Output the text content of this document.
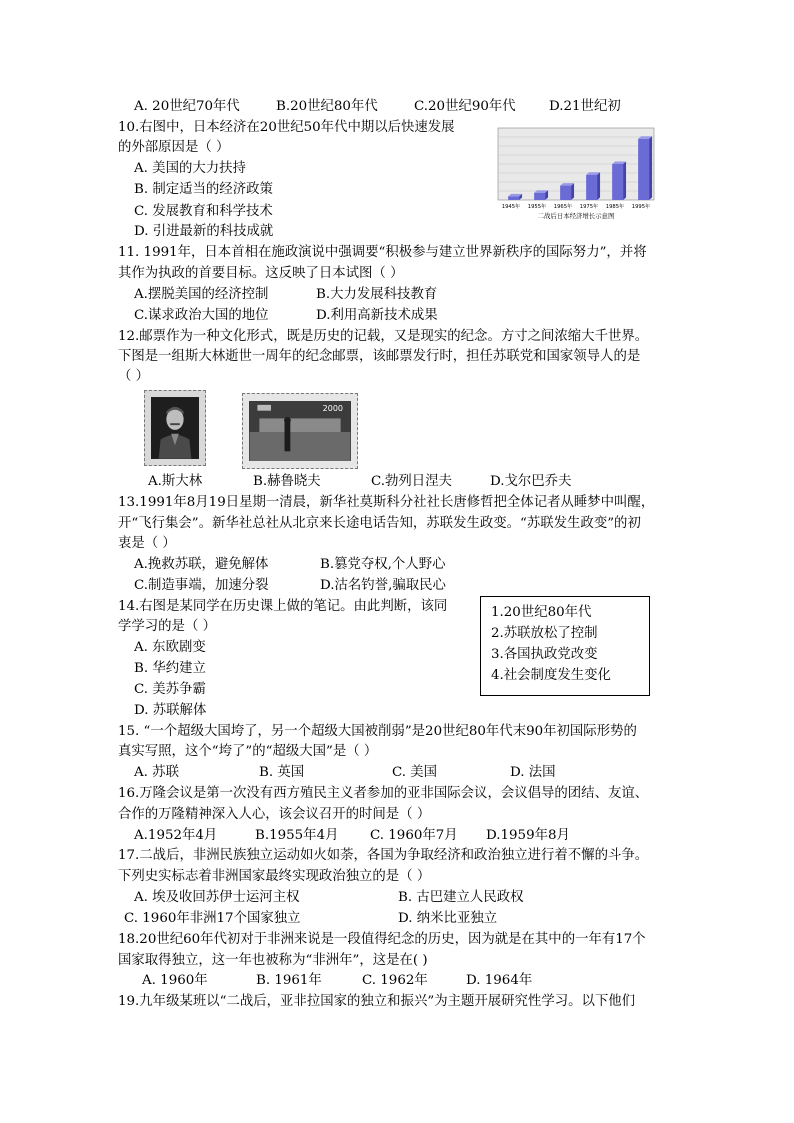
A. 20世纪70年代	B.20世纪80年代	C.20世纪90年代 D.21世纪初
10.右图中，日本经济在20世纪50年代中期以后快速发展
的外部原因是（ ）
A. 美国的大力扶持
B. 制定适当的经济政策
C. 发展教育和科学技术
D. 引进最新的科技成就
1945年 1955年 1965年 1975年 1985年 1995年
二战后日本经济增长示意图
11. 1991年，日本首相在施政演说中强调要“积极参与建立世界新秩序的国际努力”，并将
其作为执政的首要目标。这反映了日本试图（ ）
A.摆脱美国的经济控制	B.大力发展科技教育
C.谋求政治大国的地位	D.利用高新技术成果
12.邮票作为一种文化形式，既是历史的记载，又是现实的纪念。方寸之间浓缩大千世界。
下图是一组斯大林逝世一周年的纪念邮票，该邮票发行时，担任苏联党和国家领导人的是
（ ）
2000
A.斯大林	B.赫鲁晓夫	C.勃列日涅夫	D.戈尔巴乔夫
13.1991年8月19日星期一清晨，新华社莫斯科分社社长唐修哲把全体记者从睡梦中叫醒，
开“飞行集会”。新华社总社从北京来长途电话告知，苏联发生政变。“苏联发生政变”的初
衷是（ ）
A.挽救苏联，避免解体	B.篡党夺权,个人野心
C.制造事端，加速分裂	D.沽名钓誉,骗取民心
14.右图是某同学在历史课上做的笔记。由此判断，该同
学学习的是（ ）
A. 东欧剧变
B. 华约建立
C. 美苏争霸
D. 苏联解体
1.20世纪80年代
2.苏联放松了控制
3.各国执政党改变
4.社会制度发生变化
15. “一个超级大国垮了，另一个超级大国被削弱”是20世纪80年代末90年初国际形势的
真实写照，这个“垮了”的“超级大国”是（ ）
A. 苏联	B. 英国	C. 美国	D. 法国
16.万隆会议是第一次没有西方殖民主义者参加的亚非国际会议，会议倡导的团结、友谊、
合作的万隆精神深入人心，该会议召开的时间是（ ）
A.1952年4月	B.1955年4月 C. 1960年7月 D.1959年8月
17.二战后，非洲民族独立运动如火如荼，各国为争取经济和政治独立进行着不懈的斗争。
下列史实标志着非洲国家最终实现政治独立的是（ ）
A. 埃及收回苏伊士运河主权	B. 古巴建立人民政权
C. 1960年非洲17个国家独立	D. 纳米比亚独立
18.20世纪60年代初对于非洲来说是一段值得纪念的历史，因为就是在其中的一年有17个
国家取得独立，这一年也被称为“非洲年”，这是在( )
A. 1960年	B. 1961年	C. 1962年	D. 1964年
19.九年级某班以“二战后，亚非拉国家的独立和振兴”为主题开展研究性学习。以下他们
